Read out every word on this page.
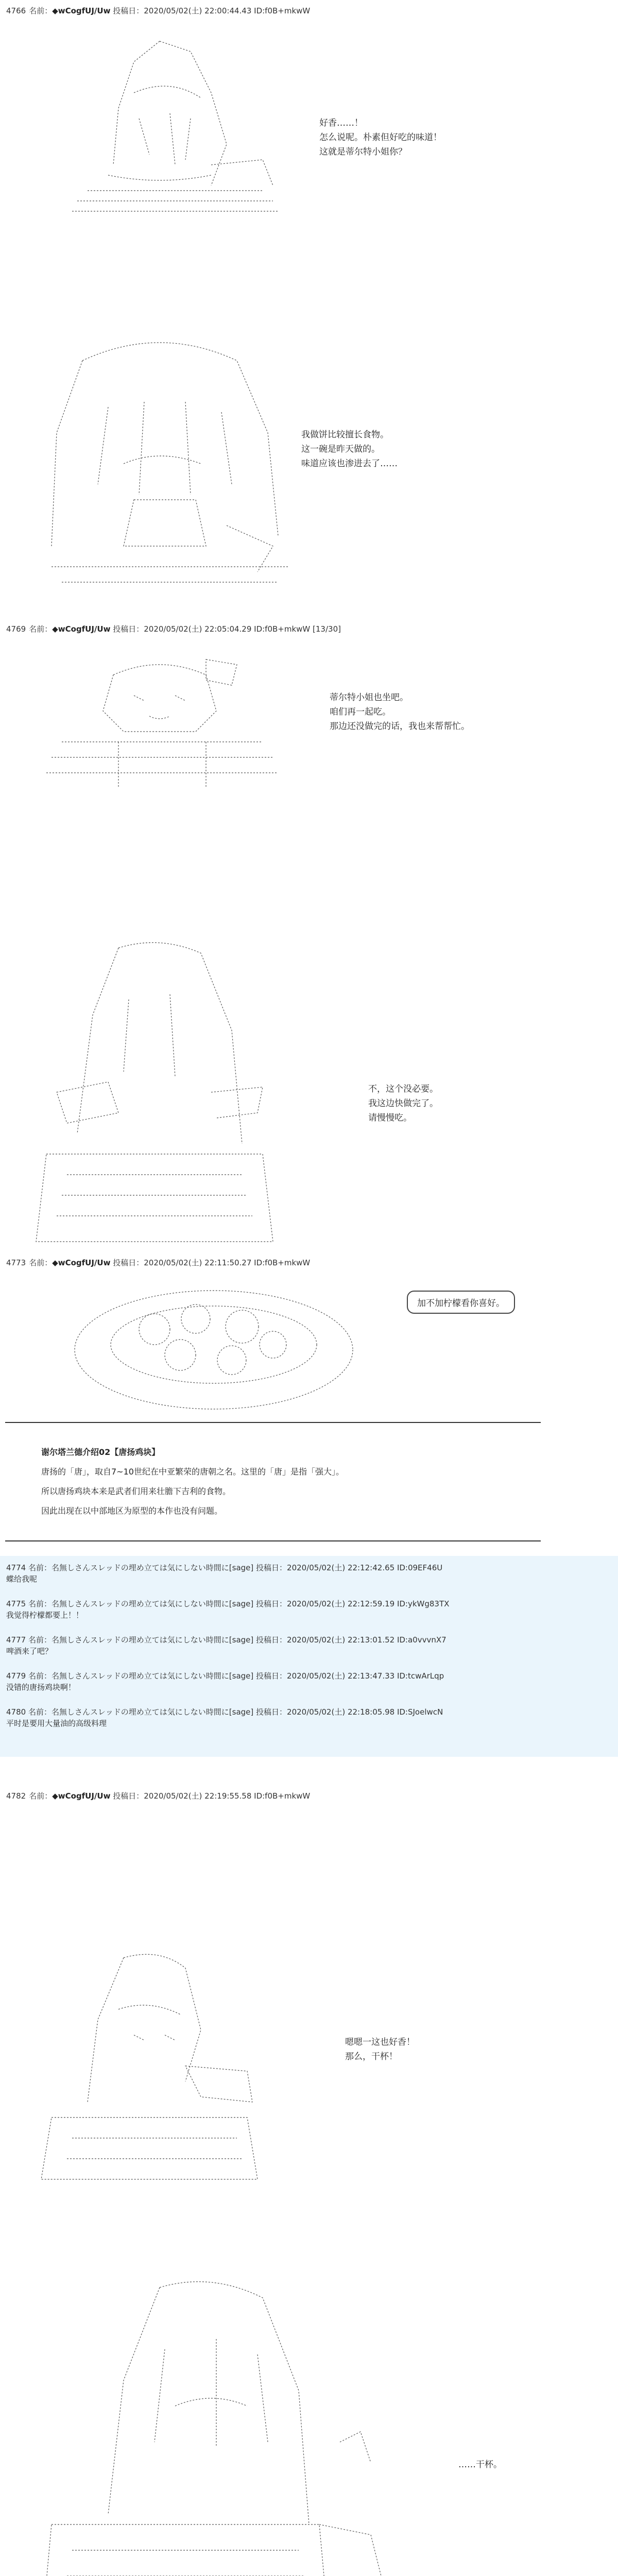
4766 名前：◆wCogfUJ/Uw 投稿日：2020/05/02(土) 22:00:44.43 ID:f0B+mkwW
好香……！
怎么说呢。朴素但好吃的味道！
这就是蒂尔特小姐你？
我做饼比较擅长食物。
这一碗是昨天做的。
味道应该也渗进去了……
4769 名前：◆wCogfUJ/Uw 投稿日：2020/05/02(土) 22:05:04.29 ID:f0B+mkwW [13/30]
蒂尔特小姐也坐吧。
咱们再一起吃。
那边还没做完的话，我也来帮帮忙。
不，这个没必要。
我这边快做完了。
请慢慢吃。
4773 名前：◆wCogfUJ/Uw 投稿日：2020/05/02(土) 22:11:50.27 ID:f0B+mkwW
加不加柠檬看你喜好。
谢尔塔兰德介绍02【唐扬鸡块】
唐扬的「唐」，取自7~10世纪在中亚繁荣的唐朝之名。这里的「唐」是指「强大」。
所以唐扬鸡块本来是武者们用来壮膽下吉利的食物。
因此出现在以中部地区为原型的本作也没有问题。
4774 名前：名無しさんスレッドの埋め立ては気にしない時間に[sage] 投稿日：2020/05/02(土) 22:12:42.65 ID:09EF46U
蝶给我呢
4775 名前：名無しさんスレッドの埋め立ては気にしない時間に[sage] 投稿日：2020/05/02(土) 22:12:59.19 ID:ykWg83TX
我觉得柠檬都要上！！
4777 名前：名無しさんスレッドの埋め立ては気にしない時間に[sage] 投稿日：2020/05/02(土) 22:13:01.52 ID:a0vvvnX7
啤酒来了吧？
4779 名前：名無しさんスレッドの埋め立ては気にしない時間に[sage] 投稿日：2020/05/02(土) 22:13:47.33 ID:tcwArLqp
没错的唐扬鸡块啊！
4780 名前：名無しさんスレッドの埋め立ては気にしない時間に[sage] 投稿日：2020/05/02(土) 22:18:05.98 ID:SJoelwcN
平时是要用大量油的高级料理
4782 名前：◆wCogfUJ/Uw 投稿日：2020/05/02(土) 22:19:55.58 ID:f0B+mkwW
嗯嗯一这也好香！
那么，干杯！
……干杯。
